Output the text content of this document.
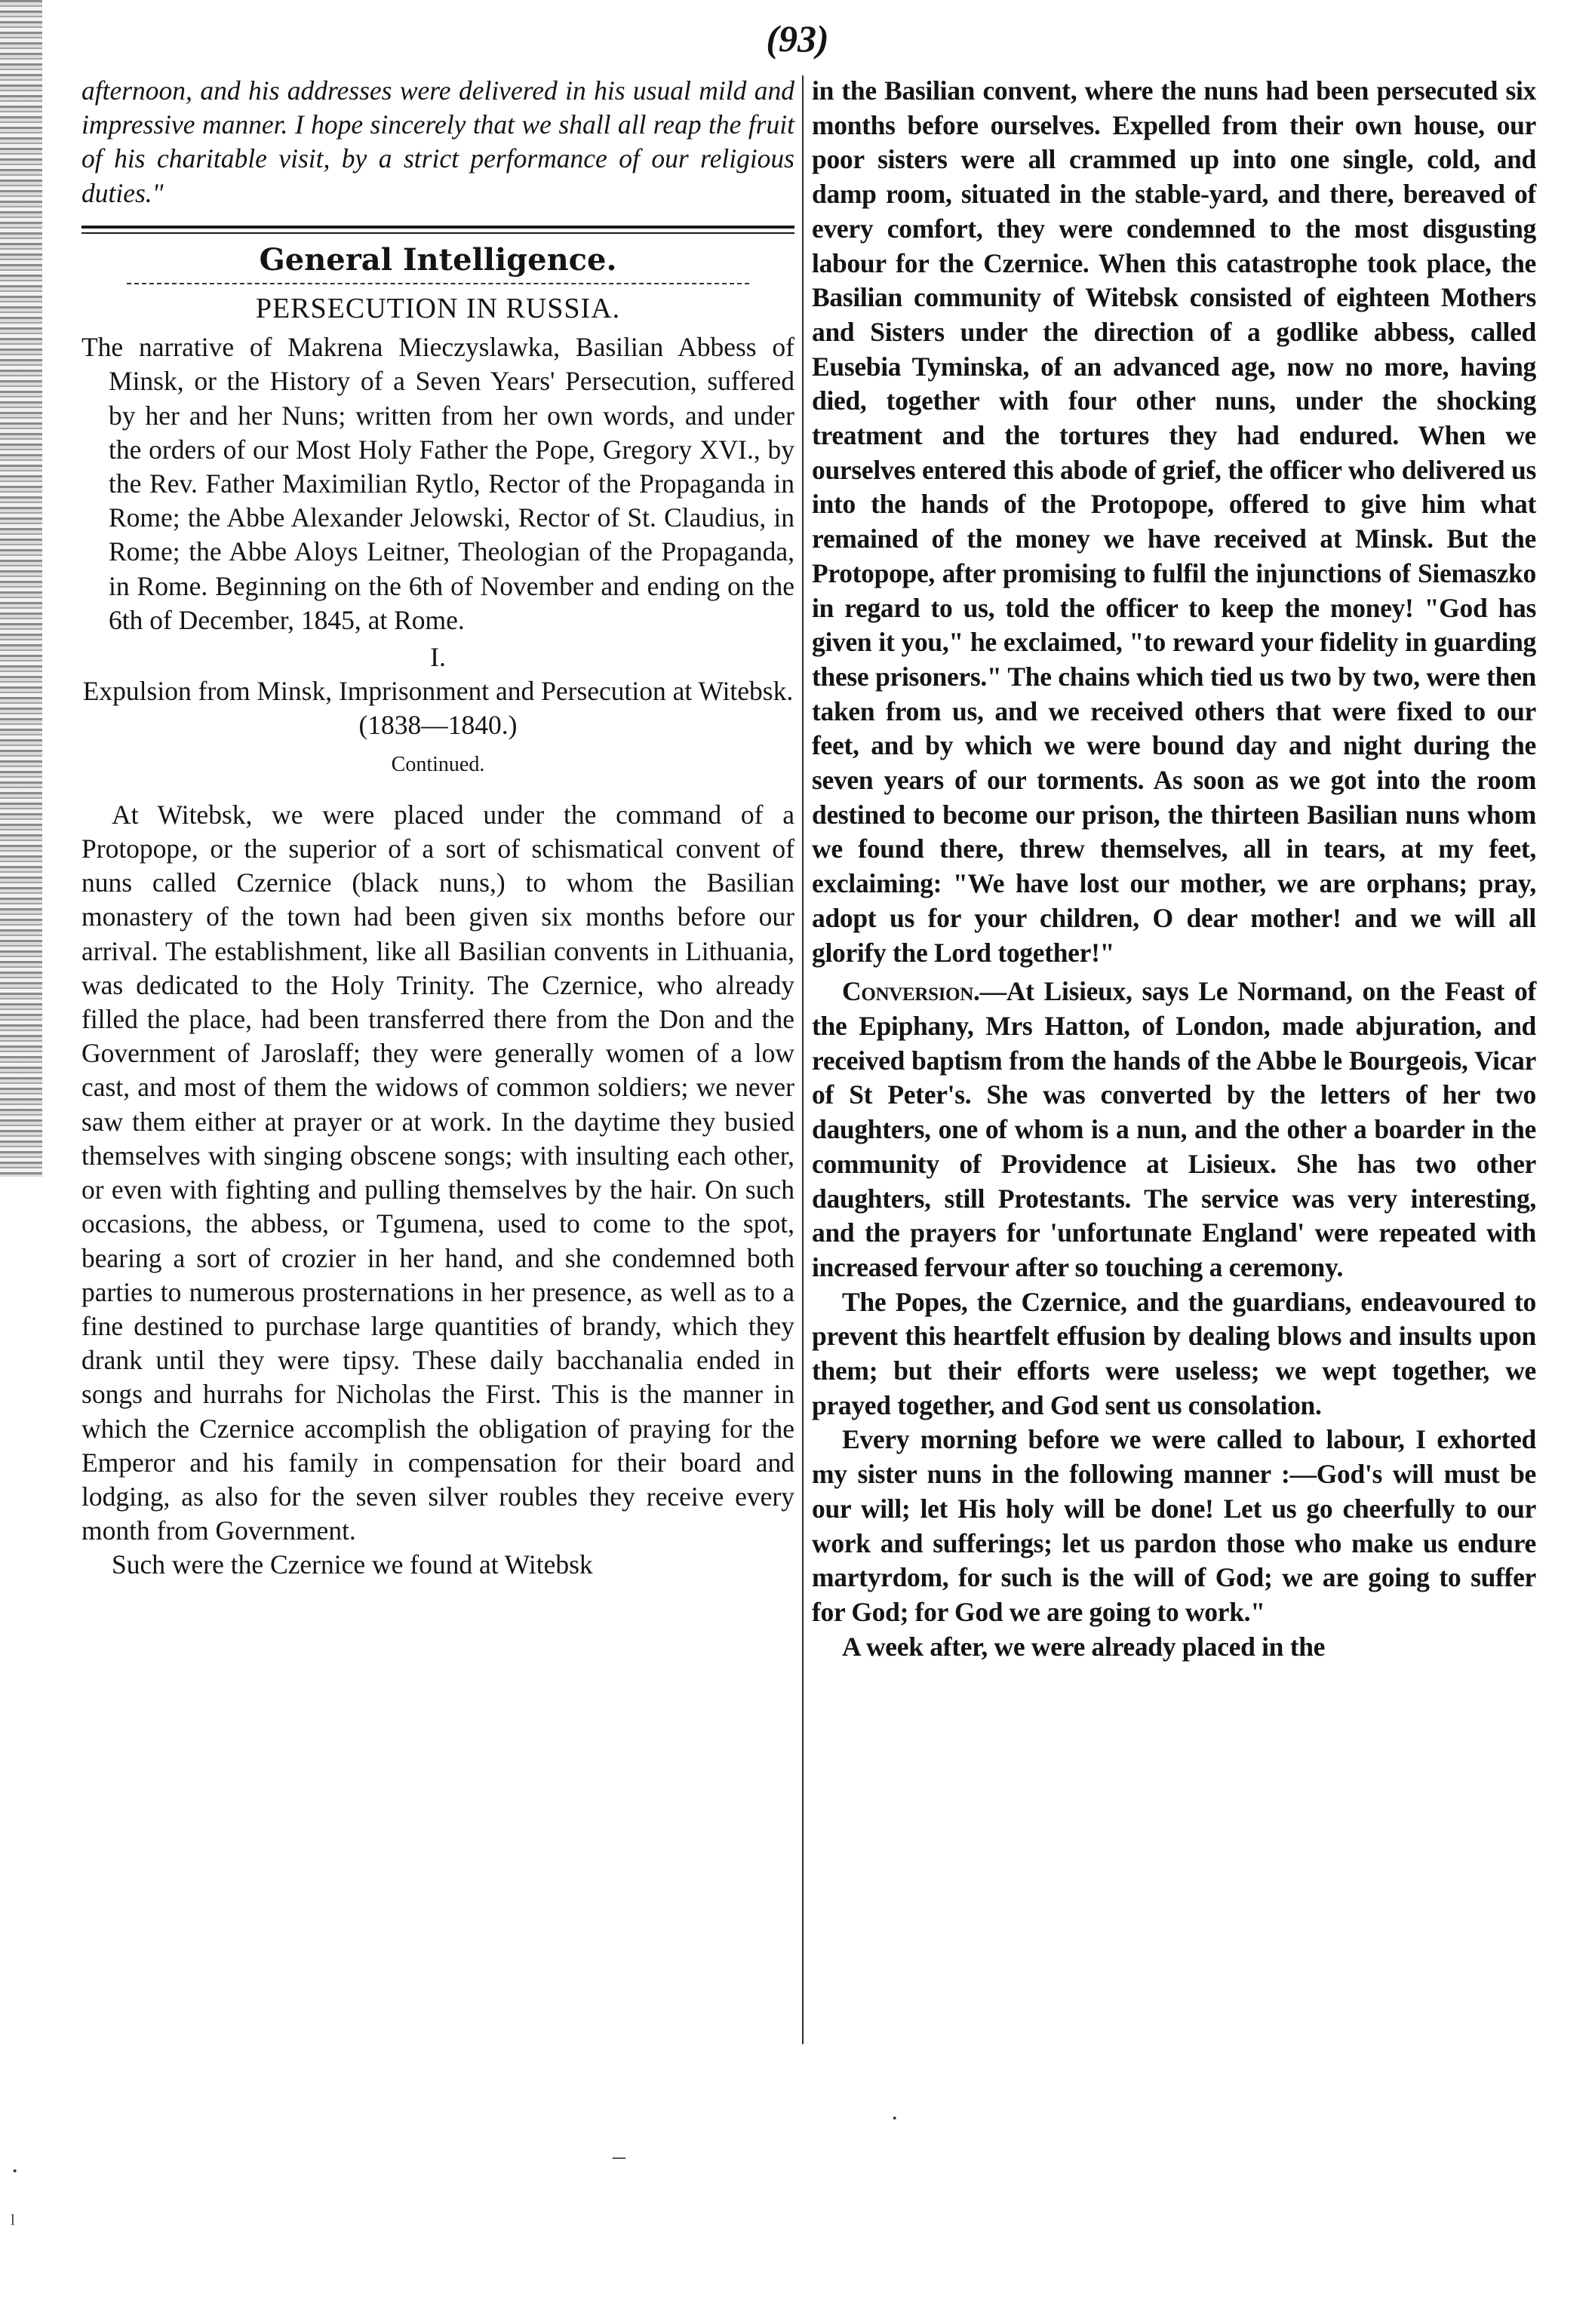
(93)

afternoon, and his addresses were delivered in his usual mild and impressive manner. I hope sincerely that we shall all reap the fruit of his charitable visit, by a strict performance of our religious duties."

General Intelligence.
PERSECUTION IN RUSSIA.

The narrative of Makrena Mieczyslawka, Basilian Abbess of Minsk, or the History of a Seven Years' Persecution, suffered by her and her Nuns; written from her own words, and under the orders of our Most Holy Father the Pope, Gregory XVI., by the Rev. Father Maximilian Rytlo, Rector of the Propaganda in Rome; the Abbe Alexander Jelowski, Rector of St. Claudius, in Rome; the Abbe Aloys Leitner, Theologian of the Propaganda, in Rome. Beginning on the 6th of November and ending on the 6th of December, 1845, at Rome.

I.
Expulsion from Minsk, Imprisonment and Persecution at Witebsk.
(1838—1840.)
Continued.

At Witebsk, we were placed under the command of a Protopope, or the superior of a sort of schismatical convent of nuns called Czernice (black nuns,) to whom the Basilian monastery of the town had been given six months before our arrival. The establishment, like all Basilian convents in Lithuania, was dedicated to the Holy Trinity. The Czernice, who already filled the place, had been transferred there from the Don and the Government of Jaroslaff; they were generally women of a low cast, and most of them the widows of common soldiers; we never saw them either at prayer or at work. In the daytime they busied themselves with singing obscene songs; with insulting each other, or even with fighting and pulling themselves by the hair. On such occasions, the abbess, or Tgumena, used to come to the spot, bearing a sort of crozier in her hand, and she condemned both parties to numerous prosternations in her presence, as well as to a fine destined to purchase large quantities of brandy, which they drank until they were tipsy. These daily bacchanalia ended in songs and hurrahs for Nicholas the First. This is the manner in which the Czernice accomplish the obligation of praying for the Emperor and his family in compensation for their board and lodging, as also for the seven silver roubles they receive every month from Government.

Such were the Czernice we found at Witebsk

in the Basilian convent, where the nuns had been persecuted six months before ourselves. Expelled from their own house, our poor sisters were all crammed up into one single, cold, and damp room, situated in the stable-yard, and there, bereaved of every comfort, they were condemned to the most disgusting labour for the Czernice. When this catastrophe took place, the Basilian community of Witebsk consisted of eighteen Mothers and Sisters under the direction of a godlike abbess, called Eusebia Tyminska, of an advanced age, now no more, having died, together with four other nuns, under the shocking treatment and the tortures they had endured. When we ourselves entered this abode of grief, the officer who delivered us into the hands of the Protopope, offered to give him what remained of the money we have received at Minsk. But the Protopope, after promising to fulfil the injunctions of Siemaszko in regard to us, told the officer to keep the money! "God has given it you," he exclaimed, "to reward your fidelity in guarding these prisoners." The chains which tied us two by two, were then taken from us, and we received others that were fixed to our feet, and by which we were bound day and night during the seven years of our torments. As soon as we got into the room destined to become our prison, the thirteen Basilian nuns whom we found there, threw themselves, all in tears, at my feet, exclaiming: "We have lost our mother, we are orphans; pray, adopt us for your children, O dear mother! and we will all glorify the Lord together!"

Conversion.—At Lisieux, says Le Normand, on the Feast of the Epiphany, Mrs Hatton, of London, made abjuration, and received baptism from the hands of the Abbe le Bourgeois, Vicar of St Peter's. She was converted by the letters of her two daughters, one of whom is a nun, and the other a boarder in the community of Providence at Lisieux. She has two other daughters, still Protestants. The service was very interesting, and the prayers for 'unfortunate England' were repeated with increased fervour after so touching a ceremony.

The Popes, the Czernice, and the guardians, endeavoured to prevent this heartfelt effusion by dealing blows and insults upon them; but their efforts were useless; we wept together, we prayed together, and God sent us consolation.

Every morning before we were called to labour, I exhorted my sister nuns in the following manner :—God's will must be our will; let His holy will be done! Let us go cheerfully to our work and sufferings; let us pardon those who make us endure martyrdom, for such is the will of God; we are going to suffer for God; for God we are going to work."

A week after, we were already placed in the

·
–
·
ˡ
